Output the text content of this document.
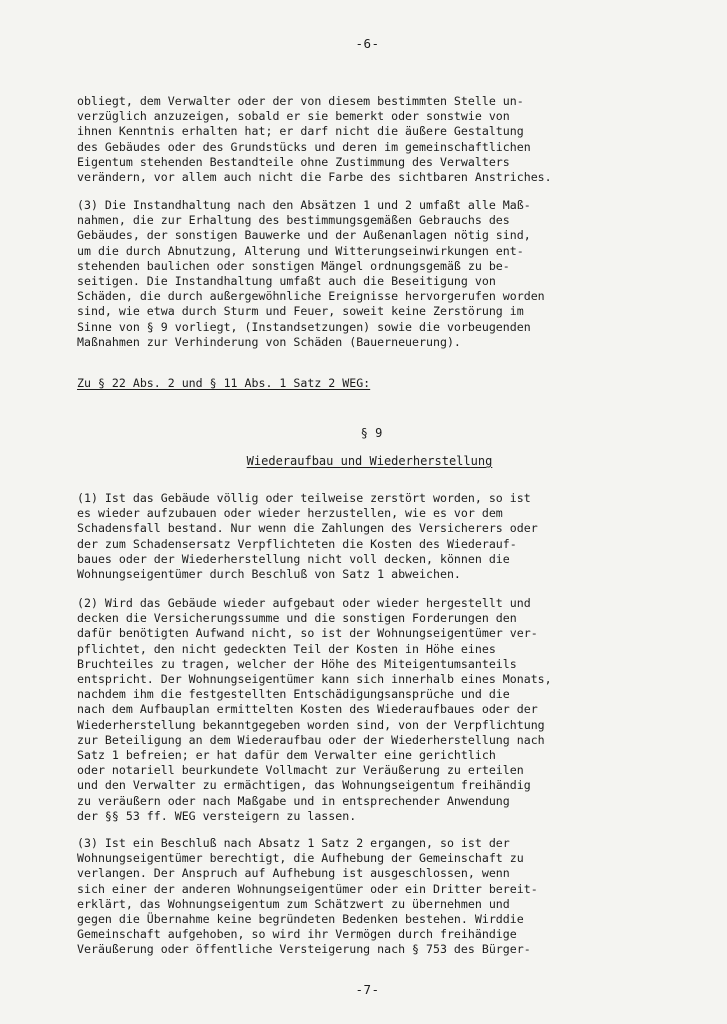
-6-

obliegt, dem Verwalter oder der von diesem bestimmten Stelle un-
verzüglich anzuzeigen, sobald er sie bemerkt oder sonstwie von
ihnen Kenntnis erhalten hat; er darf nicht die äußere Gestaltung
des Gebäudes oder des Grundstücks und deren im gemeinschaftlichen
Eigentum stehenden Bestandteile ohne Zustimmung des Verwalters
verändern, vor allem auch nicht die Farbe des sichtbaren Anstriches.

(3) Die Instandhaltung nach den Absätzen 1 und 2 umfaßt alle Maß-
nahmen, die zur Erhaltung des bestimmungsgemäßen Gebrauchs des
Gebäudes, der sonstigen Bauwerke und der Außenanlagen nötig sind,
um die durch Abnutzung, Alterung und Witterungseinwirkungen ent-
stehenden baulichen oder sonstigen Mängel ordnungsgemäß zu be-
seitigen. Die Instandhaltung umfaßt auch die Beseitigung von
Schäden, die durch außergewöhnliche Ereignisse hervorgerufen worden
sind, wie etwa durch Sturm und Feuer, soweit keine Zerstörung im
Sinne von § 9 vorliegt, (Instandsetzungen) sowie die vorbeugenden
Maßnahmen zur Verhinderung von Schäden (Bauerneuerung).

Zu § 22 Abs. 2 und § 11 Abs. 1 Satz 2 WEG:
§ 9
Wiederaufbau und Wiederherstellung

(1) Ist das Gebäude völlig oder teilweise zerstört worden, so ist
es wieder aufzubauen oder wieder herzustellen, wie es vor dem
Schadensfall bestand. Nur wenn die Zahlungen des Versicherers oder
der zum Schadensersatz Verpflichteten die Kosten des Wiederauf-
baues oder der Wiederherstellung nicht voll decken, können die
Wohnungseigentümer durch Beschluß von Satz 1 abweichen.

(2) Wird das Gebäude wieder aufgebaut oder wieder hergestellt und
decken die Versicherungssumme und die sonstigen Forderungen den
dafür benötigten Aufwand nicht, so ist der Wohnungseigentümer ver-
pflichtet, den nicht gedeckten Teil der Kosten in Höhe eines
Bruchteiles zu tragen, welcher der Höhe des Miteigentumsanteils
entspricht. Der Wohnungseigentümer kann sich innerhalb eines Monats,
nachdem ihm die festgestellten Entschädigungsansprüche und die
nach dem Aufbauplan ermittelten Kosten des Wiederaufbaues oder der
Wiederherstellung bekanntgegeben worden sind, von der Verpflichtung
zur Beteiligung an dem Wiederaufbau oder der Wiederherstellung nach
Satz 1 befreien; er hat dafür dem Verwalter eine gerichtlich
oder notariell beurkundete Vollmacht zur Veräußerung zu erteilen
und den Verwalter zu ermächtigen, das Wohnungseigentum freihändig
zu veräußern oder nach Maßgabe und in entsprechender Anwendung
der §§ 53 ff. WEG versteigern zu lassen.

(3) Ist ein Beschluß nach Absatz 1 Satz 2 ergangen, so ist der
Wohnungseigentümer berechtigt, die Aufhebung der Gemeinschaft zu
verlangen. Der Anspruch auf Aufhebung ist ausgeschlossen, wenn
sich einer der anderen Wohnungseigentümer oder ein Dritter bereit-
erklärt, das Wohnungseigentum zum Schätzwert zu übernehmen und
gegen die Übernahme keine begründeten Bedenken bestehen. Wirddie
Gemeinschaft aufgehoben, so wird ihr Vermögen durch freihändige
Veräußerung oder öffentliche Versteigerung nach § 753 des Bürger-

-7-
